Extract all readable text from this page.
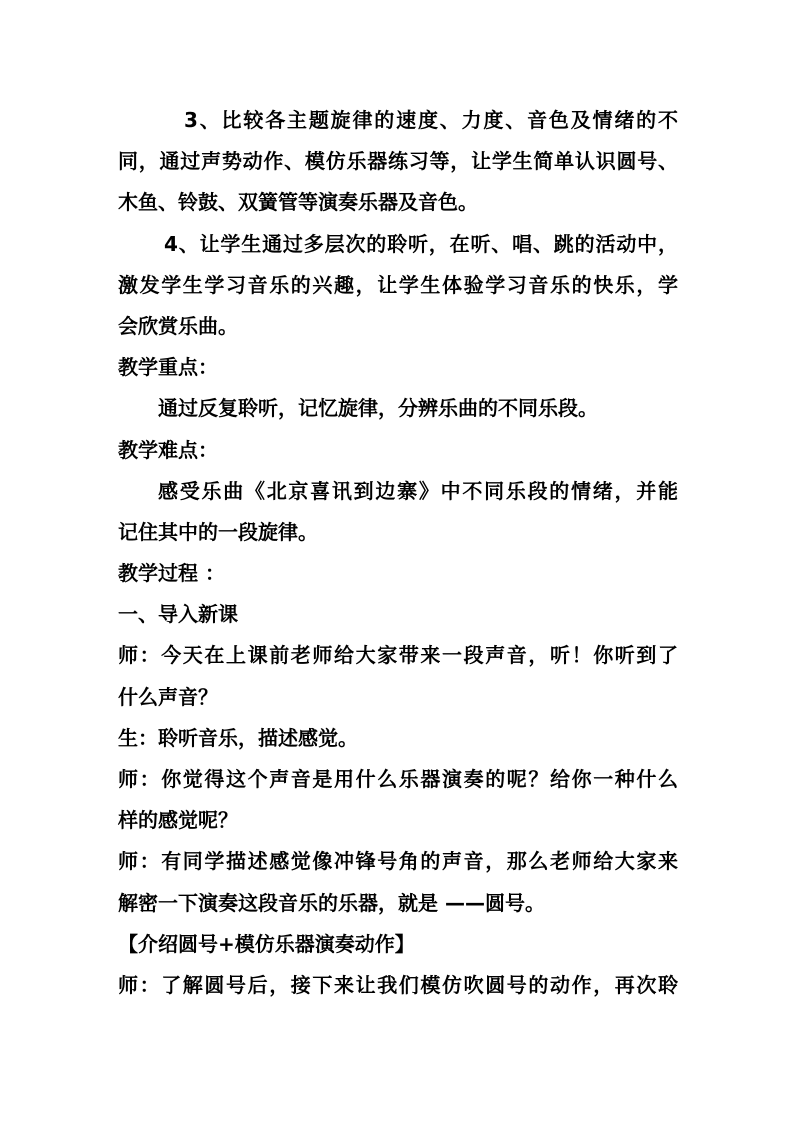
3、比较各主题旋律的速度、力度、音色及情绪的不
同，通过声势动作、模仿乐器练习等，让学生简单认识圆号、
木鱼、铃鼓、双簧管等演奏乐器及音色。
4、让学生通过多层次的聆听，在听、唱、跳的活动中，
激发学生学习音乐的兴趣，让学生体验学习音乐的快乐，学
会欣赏乐曲。
教学重点：
通过反复聆听，记忆旋律，分辨乐曲的不同乐段。
教学难点：
感受乐曲《北京喜讯到边寨》中不同乐段的情绪，并能
记住其中的一段旋律。
教学过程 ：
一、导入新课
师：今天在上课前老师给大家带来一段声音，听！你听到了
什么声音？
生：聆听音乐，描述感觉。
师：你觉得这个声音是用什么乐器演奏的呢？给你一种什么
样的感觉呢？
师：有同学描述感觉像冲锋号角的声音，那么老师给大家来
解密一下演奏这段音乐的乐器，就是 ——圆号。
【介绍圆号+模仿乐器演奏动作】
师：了解圆号后，接下来让我们模仿吹圆号的动作，再次聆
